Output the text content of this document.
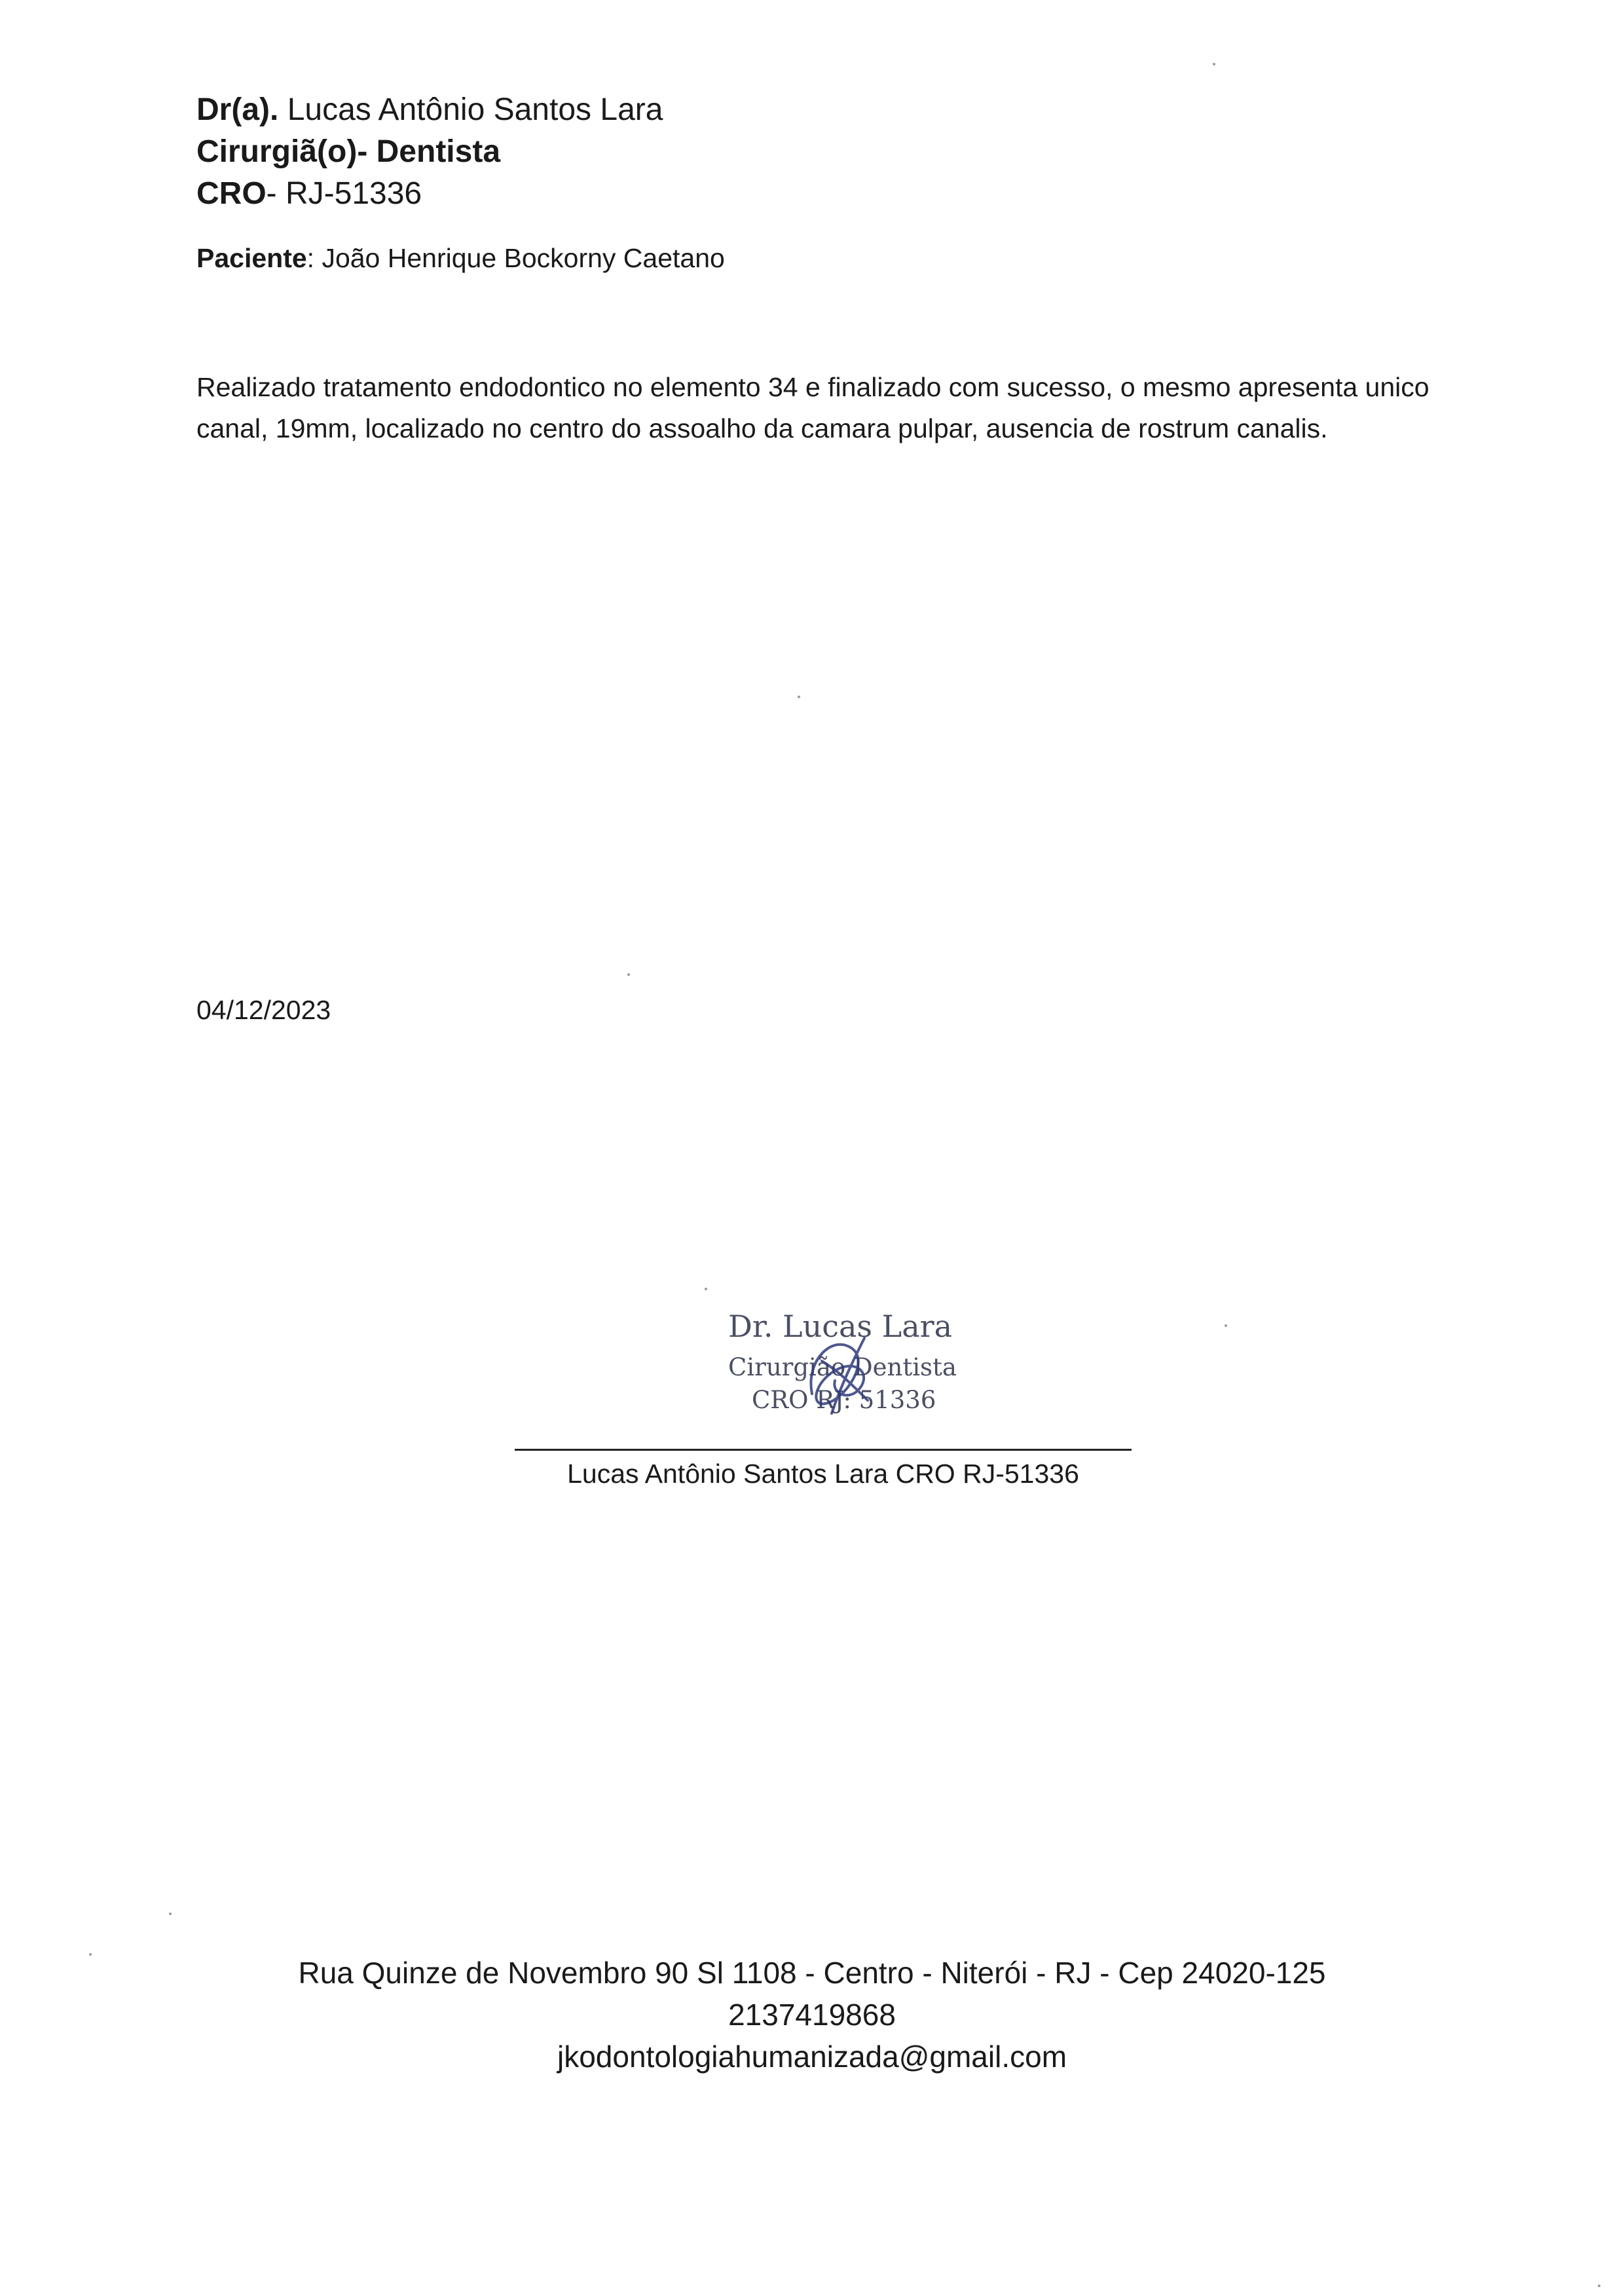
Dr(a). Lucas Antônio Santos Lara
Cirurgiã(o)- Dentista
CRO- RJ-51336
Paciente: João Henrique Bockorny Caetano
Realizado tratamento endodontico no elemento 34 e finalizado com sucesso, o mesmo apresenta unico canal, 19mm, localizado no centro do assoalho da camara pulpar, ausencia de rostrum canalis.
04/12/2023
Dr. Lucas Lara
Cirurgião Dentista
CRO RJ: 51336
Lucas Antônio Santos Lara CRO RJ-51336
Rua Quinze de Novembro 90 Sl 1108 - Centro - Niterói - RJ - Cep 24020-125
2137419868
jkodontologiahumanizada@gmail.com
